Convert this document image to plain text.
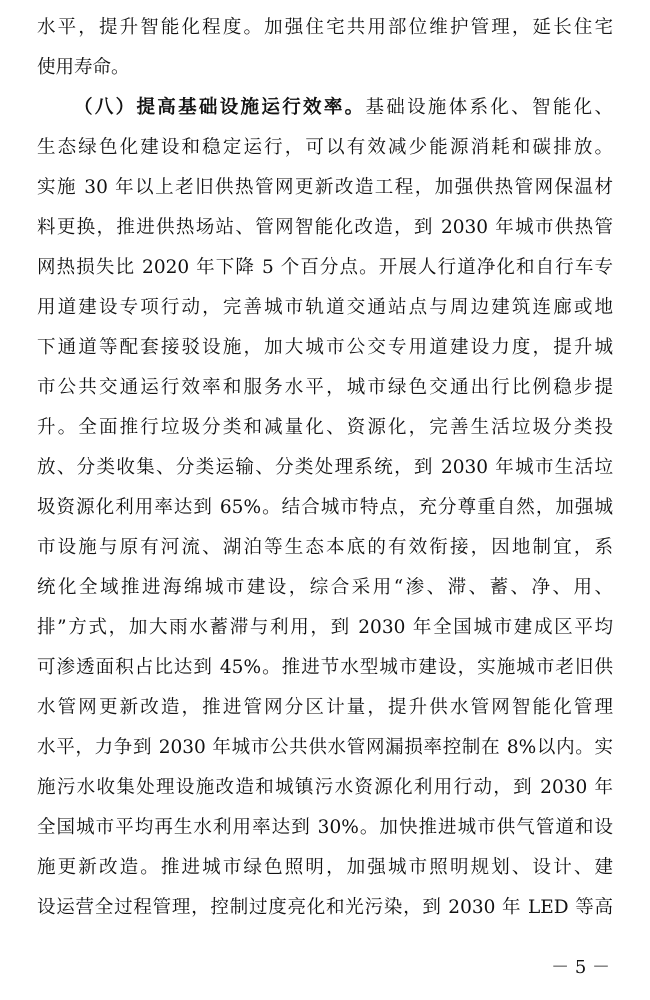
水平，提升智能化程度。加强住宅共用部位维护管理，延长住宅
使用寿命。
（八）提高基础设施运行效率。基础设施体系化、智能化、
生态绿色化建设和稳定运行，可以有效减少能源消耗和碳排放。
实施 30 年以上老旧供热管网更新改造工程，加强供热管网保温材
料更换，推进供热场站、管网智能化改造，到 2030 年城市供热管
网热损失比 2020 年下降 5 个百分点。开展人行道净化和自行车专
用道建设专项行动，完善城市轨道交通站点与周边建筑连廊或地
下通道等配套接驳设施，加大城市公交专用道建设力度，提升城
市公共交通运行效率和服务水平，城市绿色交通出行比例稳步提
升。全面推行垃圾分类和减量化、资源化，完善生活垃圾分类投
放、分类收集、分类运输、分类处理系统，到 2030 年城市生活垃
圾资源化利用率达到 65%。结合城市特点，充分尊重自然，加强城
市设施与原有河流、湖泊等生态本底的有效衔接，因地制宜，系
统化全域推进海绵城市建设，综合采用“渗、滞、蓄、净、用、
排”方式，加大雨水蓄滞与利用，到 2030 年全国城市建成区平均
可渗透面积占比达到 45%。推进节水型城市建设，实施城市老旧供
水管网更新改造，推进管网分区计量，提升供水管网智能化管理
水平，力争到 2030 年城市公共供水管网漏损率控制在 8%以内。实
施污水收集处理设施改造和城镇污水资源化利用行动，到 2030 年
全国城市平均再生水利用率达到 30%。加快推进城市供气管道和设
施更新改造。推进城市绿色照明，加强城市照明规划、设计、建
设运营全过程管理，控制过度亮化和光污染，到 2030 年 LED 等高
－ 5 －
